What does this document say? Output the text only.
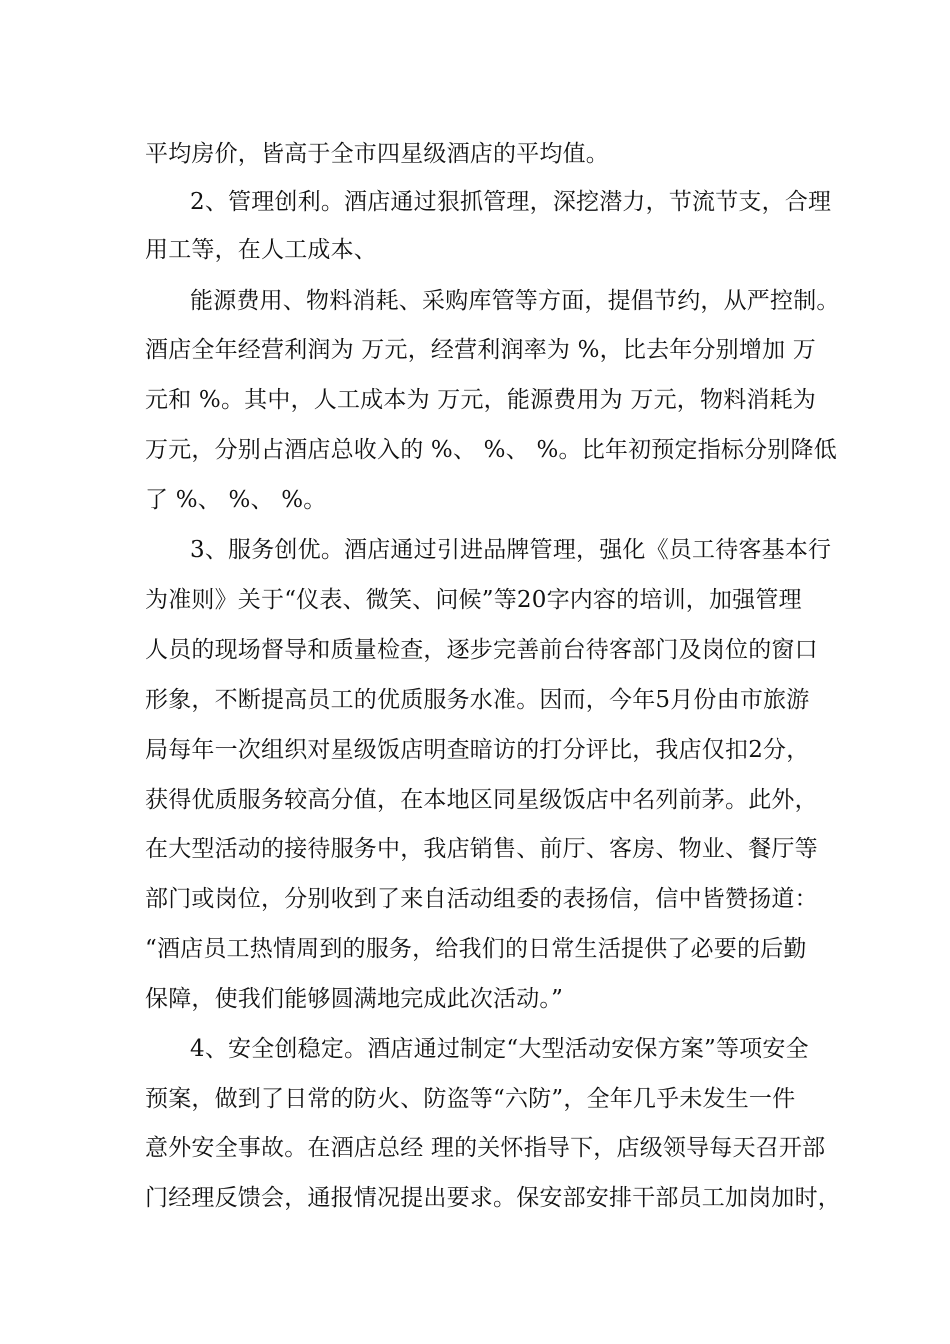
平均房价，皆高于全市四星级酒店的平均值。
2、管理创利。酒店通过狠抓管理，深挖潜力，节流节支，合理
用工等，在人工成本、
能源费用、物料消耗、采购库管等方面，提倡节约，从严控制。
酒店全年经营利润为 万元，经营利润率为 %，比去年分别增加 万
元和 %。其中，人工成本为 万元，能源费用为 万元，物料消耗为
万元，分别占酒店总收入的 %、 %、 %。比年初预定指标分别降低
了 %、 %、 %。
3、服务创优。酒店通过引进品牌管理，强化《员工待客基本行
为准则》关于“仪表、微笑、问候”等20字内容的培训，加强管理
人员的现场督导和质量检查，逐步完善前台待客部门及岗位的窗口
形象，不断提高员工的优质服务水准。因而，今年5月份由市旅游
局每年一次组织对星级饭店明查暗访的打分评比，我店仅扣2分，
获得优质服务较高分值，在本地区同星级饭店中名列前茅。此外，
在大型活动的接待服务中，我店销售、前厅、客房、物业、餐厅等
部门或岗位，分别收到了来自活动组委的表扬信，信中皆赞扬道：
“酒店员工热情周到的服务，给我们的日常生活提供了必要的后勤
保障，使我们能够圆满地完成此次活动。”
4、安全创稳定。酒店通过制定“大型活动安保方案”等项安全
预案，做到了日常的防火、防盗等“六防”，全年几乎未发生一件
意外安全事故。在酒店总经 理的关怀指导下，店级领导每天召开部
门经理反馈会，通报情况提出要求。保安部安排干部员工加岗加时，
